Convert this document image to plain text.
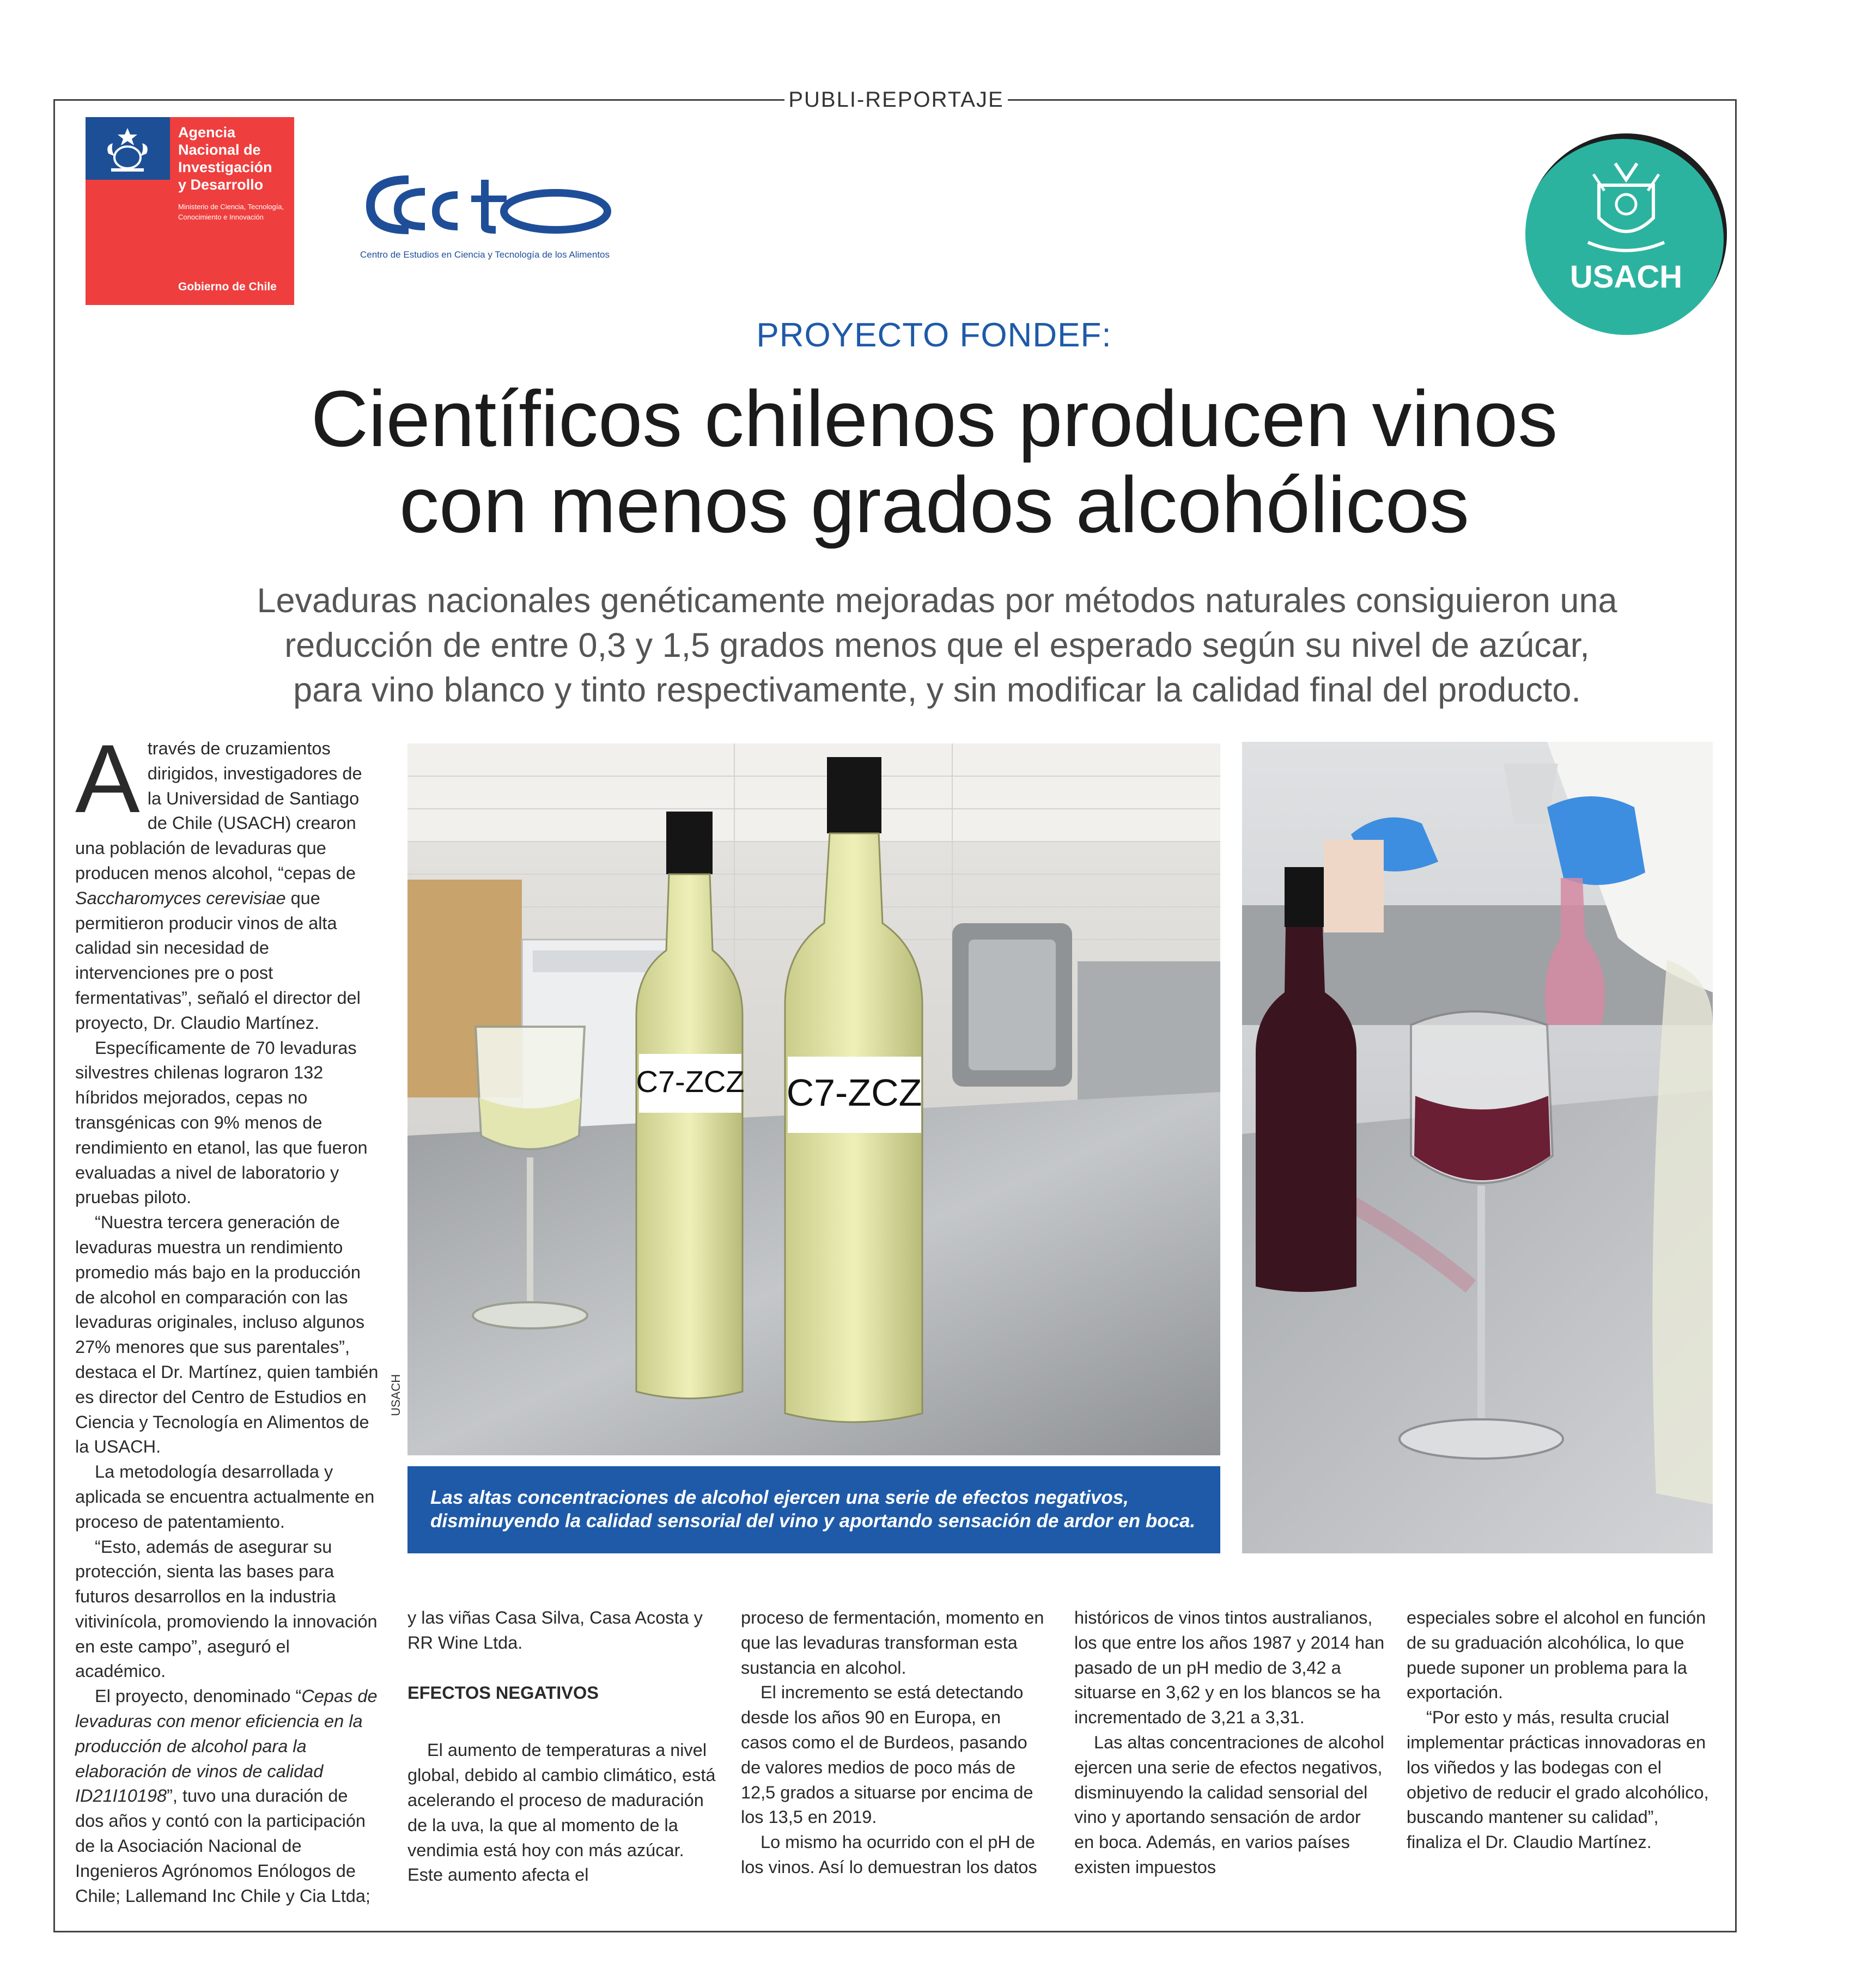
PUBLI-REPORTAJE
Agencia
Nacional de
Investigación
y Desarrollo
Ministerio de Ciencia, Tecnología, Conocimiento e Innovación
Gobierno de Chile
Centro de Estudios en Ciencia y Tecnología de los Alimentos
USACH
PROYECTO FONDEF:
Científicos chilenos producen vinos
con menos grados alcohólicos
Levaduras nacionales genéticamente mejoradas por métodos naturales consiguieron una
reducción de entre 0,3 y 1,5 grados menos que el esperado según su nivel de azúcar,
para vino blanco y tinto respectivamente, y sin modificar la calidad final del producto.

Através de cruzamientos dirigidos, investigadores de la Universidad de Santiago de Chile (USACH) crearon una población de levaduras que producen menos alcohol, “cepas de Saccharomyces cerevisiae que permitieron producir vinos de alta calidad sin necesidad de intervenciones pre o post fermentativas”, señaló el director del proyecto, Dr. Claudio Martínez.

Específicamente de 70 levaduras silvestres chilenas lograron 132 híbridos mejorados, cepas no transgénicas con 9% menos de rendimiento en etanol, las que fueron evaluadas a nivel de laboratorio y pruebas piloto.

“Nuestra tercera generación de levaduras muestra un rendimiento promedio más bajo en la producción de alcohol en comparación con las levaduras originales, incluso algunos 27% menores que sus parentales”, destaca el Dr. Martínez, quien también es director del Centro de Estudios en Ciencia y Tecnología en Alimentos de la USACH.

La metodología desarrollada y aplicada se encuentra actualmente en proceso de patentamiento.

“Esto, además de asegurar su protección, sienta las bases para futuros desarrollos en la industria vitivinícola, promoviendo la innovación en este campo”, aseguró el académico.

El proyecto, denominado “Cepas de levaduras con menor eficiencia en la producción de alcohol para la elaboración de vinos de calidad ID21I10198”, tuvo una duración de dos años y contó con la participación de la Asociación Nacional de Ingenieros Agrónomos Enólogos de Chile; Lallemand Inc Chile y Cia Ltda;

C7-ZCZ C7-ZCZ
USACH
Las altas concentraciones de alcohol ejercen una serie de efectos negativos, disminuyendo la calidad sensorial del vino y aportando sensación de ardor en boca.

y las viñas Casa Silva, Casa Acosta y RR Wine Ltda.

EFECTOS NEGATIVOS

El aumento de temperaturas a nivel global, debido al cambio climático, está acelerando el proceso de maduración de la uva, la que al momento de la vendimia está hoy con más azúcar. Este aumento afecta el

proceso de fermentación, momento en que las levaduras transforman esta sustancia en alcohol.

El incremento se está detectando desde los años 90 en Europa, en casos como el de Burdeos, pasando de valores medios de poco más de 12,5 grados a situarse por encima de los 13,5 en 2019.

Lo mismo ha ocurrido con el pH de los vinos. Así lo demuestran los datos

históricos de vinos tintos australianos, los que entre los años 1987 y 2014 han pasado de un pH medio de 3,42 a situarse en 3,62 y en los blancos se ha incrementado de 3,21 a 3,31.

Las altas concentraciones de alcohol ejercen una serie de efectos negativos, disminuyendo la calidad sensorial del vino y aportando sensación de ardor en boca. Además, en varios países existen impuestos

especiales sobre el alcohol en función de su graduación alcohólica, lo que puede suponer un problema para la exportación.

“Por esto y más, resulta crucial implementar prácticas innovadoras en los viñedos y las bodegas con el objetivo de reducir el grado alcohólico, buscando mantener su calidad”, finaliza el Dr. Claudio Martínez.
